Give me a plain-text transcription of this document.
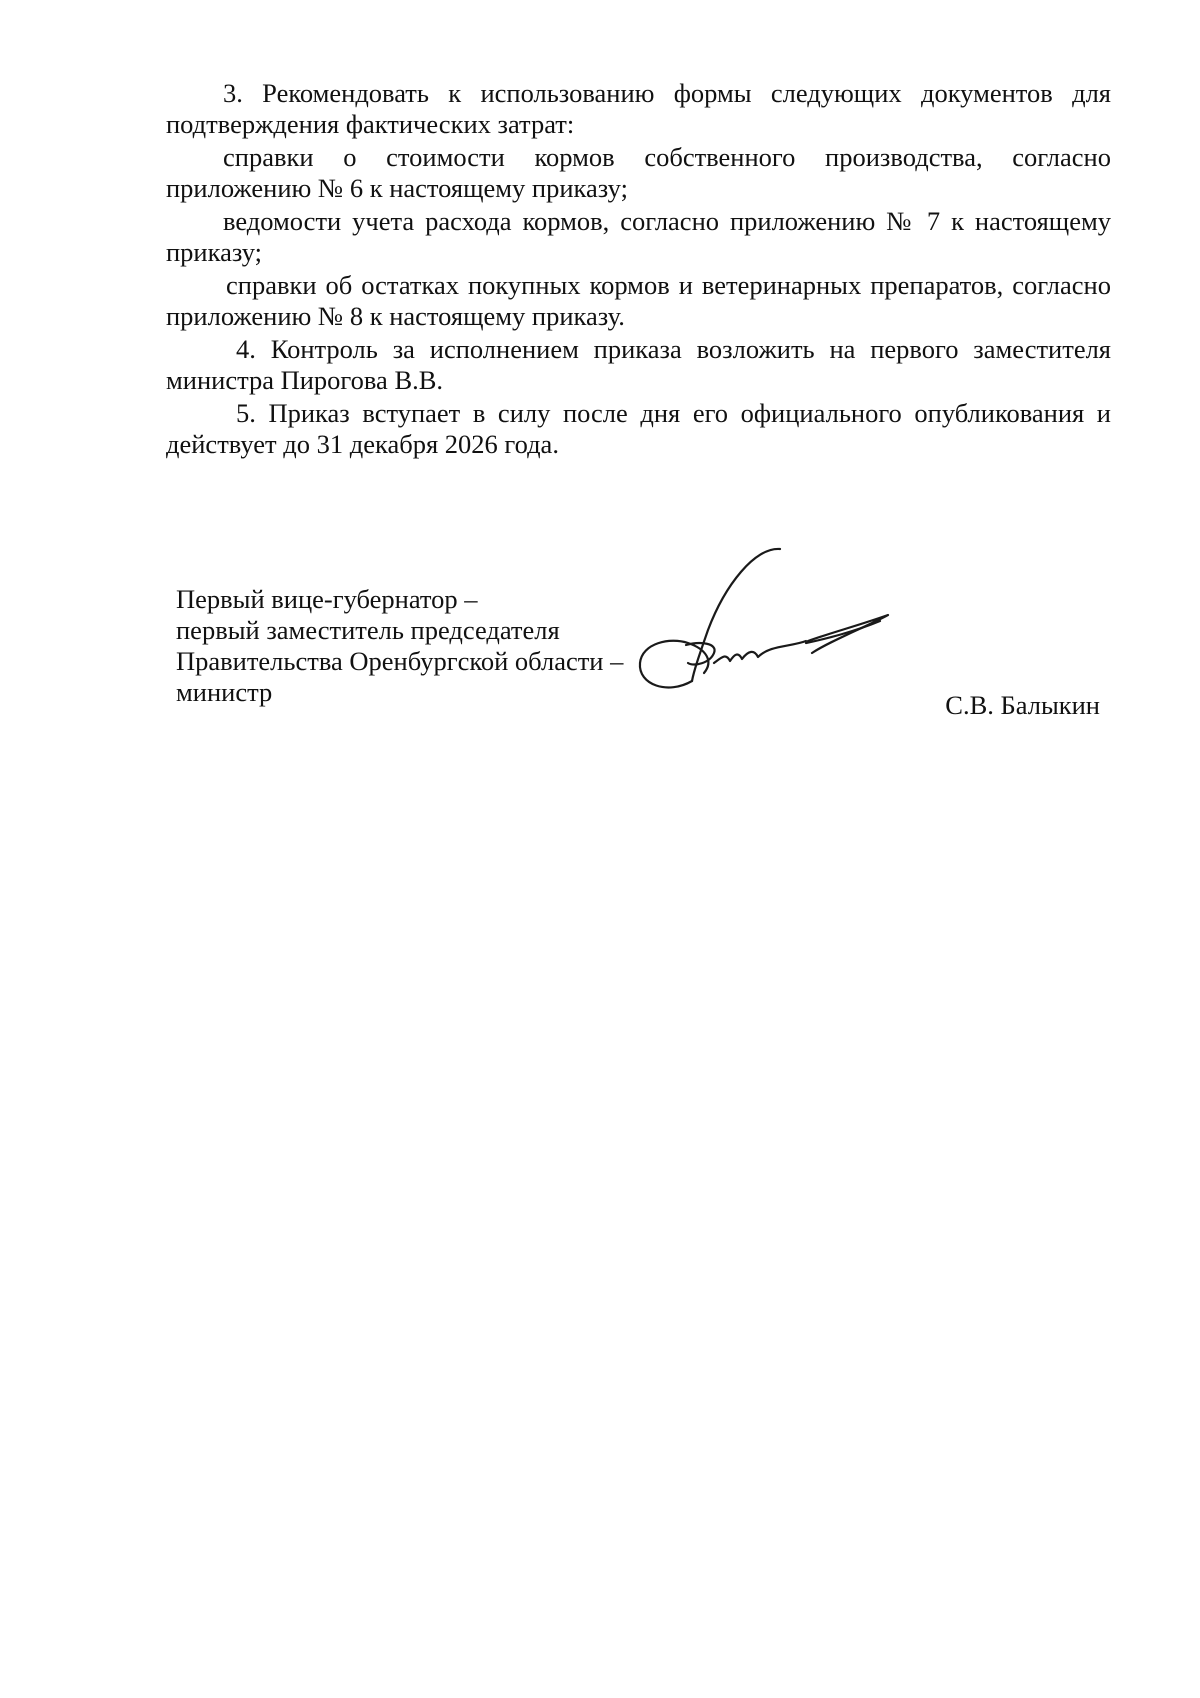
3. Рекомендовать к использованию формы следующих документов для подтверждения фактических затрат:

справки о стоимости кормов собственного производства, согласно приложению № 6 к настоящему приказу;

ведомости учета расхода кормов, согласно приложению № 7 к настоящему приказу;

справки об остатках покупных кормов и ветеринарных препаратов, согласно приложению № 8 к настоящему приказу.

4. Контроль за исполнением приказа возложить на первого заместителя министра Пирогова В.В.

5. Приказ вступает в силу после дня его официального опубликования и действует до 31 декабря 2026 года.

Первый вице-губернатор –
первый заместитель председателя
Правительства Оренбургской области –
министр	С.В. Балыкин
